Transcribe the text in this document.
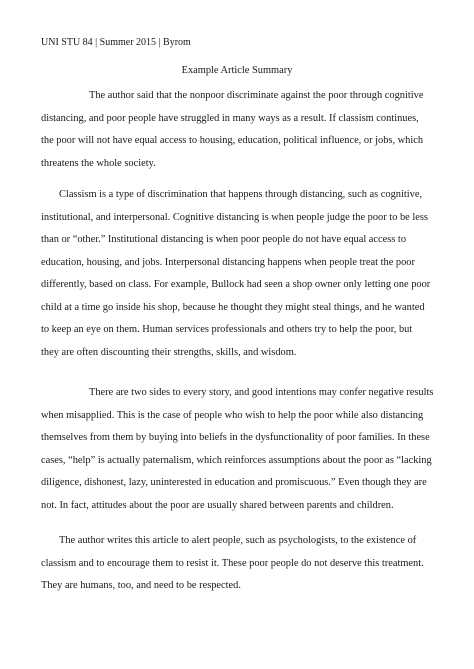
UNI STU 84 | Summer 2015 | Byrom
Example Article Summary
The author said that the nonpoor discriminate against the poor through cognitive
distancing, and poor people have struggled in many ways as a result. If classism continues,
the poor will not have equal access to housing, education, political influence, or jobs, which
threatens the whole society.
Classism is a type of discrimination that happens through distancing, such as cognitive,
institutional, and interpersonal. Cognitive distancing is when people judge the poor to be less
than or “other.” Institutional distancing is when poor people do not have equal access to
education, housing, and jobs. Interpersonal distancing happens when people treat the poor
differently, based on class. For example, Bullock had seen a shop owner only letting one poor
child at a time go inside his shop, because he thought they might steal things, and he wanted
to keep an eye on them. Human services professionals and others try to help the poor, but
they are often discounting their strengths, skills, and wisdom.
There are two sides to every story, and good intentions may confer negative results
when misapplied. This is the case of people who wish to help the poor while also distancing
themselves from them by buying into beliefs in the dysfunctionality of poor families. In these
cases, “help” is actually paternalism, which reinforces assumptions about the poor as “lacking
diligence, dishonest, lazy, uninterested in education and promiscuous.” Even though they are
not. In fact, attitudes about the poor are usually shared between parents and children.
The author writes this article to alert people, such as psychologists, to the existence of
classism and to encourage them to resist it. These poor people do not deserve this treatment.
They are humans, too, and need to be respected.
